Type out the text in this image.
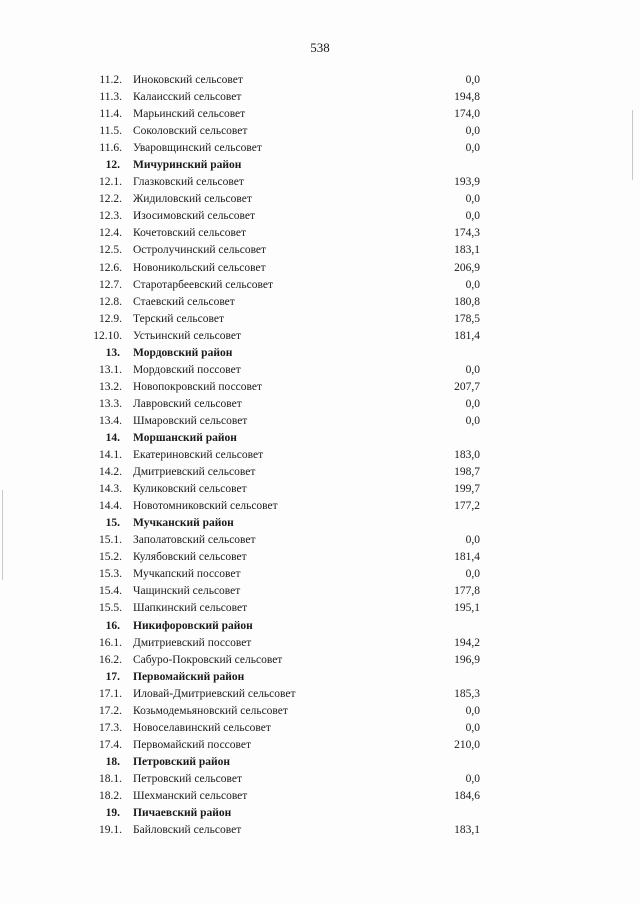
538
11.2. Иноковский сельсовет	0,0
11.3. Калаисский сельсовет	194,8
11.4. Марьинский сельсовет	174,0
11.5. Соколовский сельсовет	0,0
11.6. Уваровщинский сельсовет	0,0
12. Мичуринский район
12.1. Глазковский сельсовет	193,9
12.2. Жидиловский сельсовет	0,0
12.3. Изосимовский сельсовет	0,0
12.4. Кочетовский сельсовет	174,3
12.5. Остролучинский сельсовет	183,1
12.6. Новоникольский сельсовет	206,9
12.7. Старотарбеевский сельсовет	0,0
12.8. Стаевский сельсовет	180,8
12.9. Терский сельсовет	178,5
12.10. Устьинский сельсовет	181,4
13. Мордовский район
13.1. Мордовский поссовет	0,0
13.2. Новопокровский поссовет	207,7
13.3. Лавровский сельсовет	0,0
13.4. Шмаровский сельсовет	0,0
14. Моршанский район
14.1. Екатериновский сельсовет	183,0
14.2. Дмитриевский сельсовет	198,7
14.3. Куликовский сельсовет	199,7
14.4. Новотомниковский сельсовет	177,2
15. Мучканский район
15.1. Заполатовский сельсовет	0,0
15.2. Кулябовский сельсовет	181,4
15.3. Мучкапский поссовет	0,0
15.4. Чащинский сельсовет	177,8
15.5. Шапкинский сельсовет	195,1
16. Никифоровский район
16.1. Дмитриевский поссовет	194,2
16.2. Сабуро-Покровский сельсовет	196,9
17. Первомайский район
17.1. Иловай-Дмитриевский сельсовет	185,3
17.2. Козьмодемьяновский сельсовет	0,0
17.3. Новоселавинский сельсовет	0,0
17.4. Первомайский поссовет	210,0
18. Петровский район
18.1. Петровский сельсовет	0,0
18.2. Шехманский сельсовет	184,6
19. Пичаевский район
19.1. Байловский сельсовет	183,1
